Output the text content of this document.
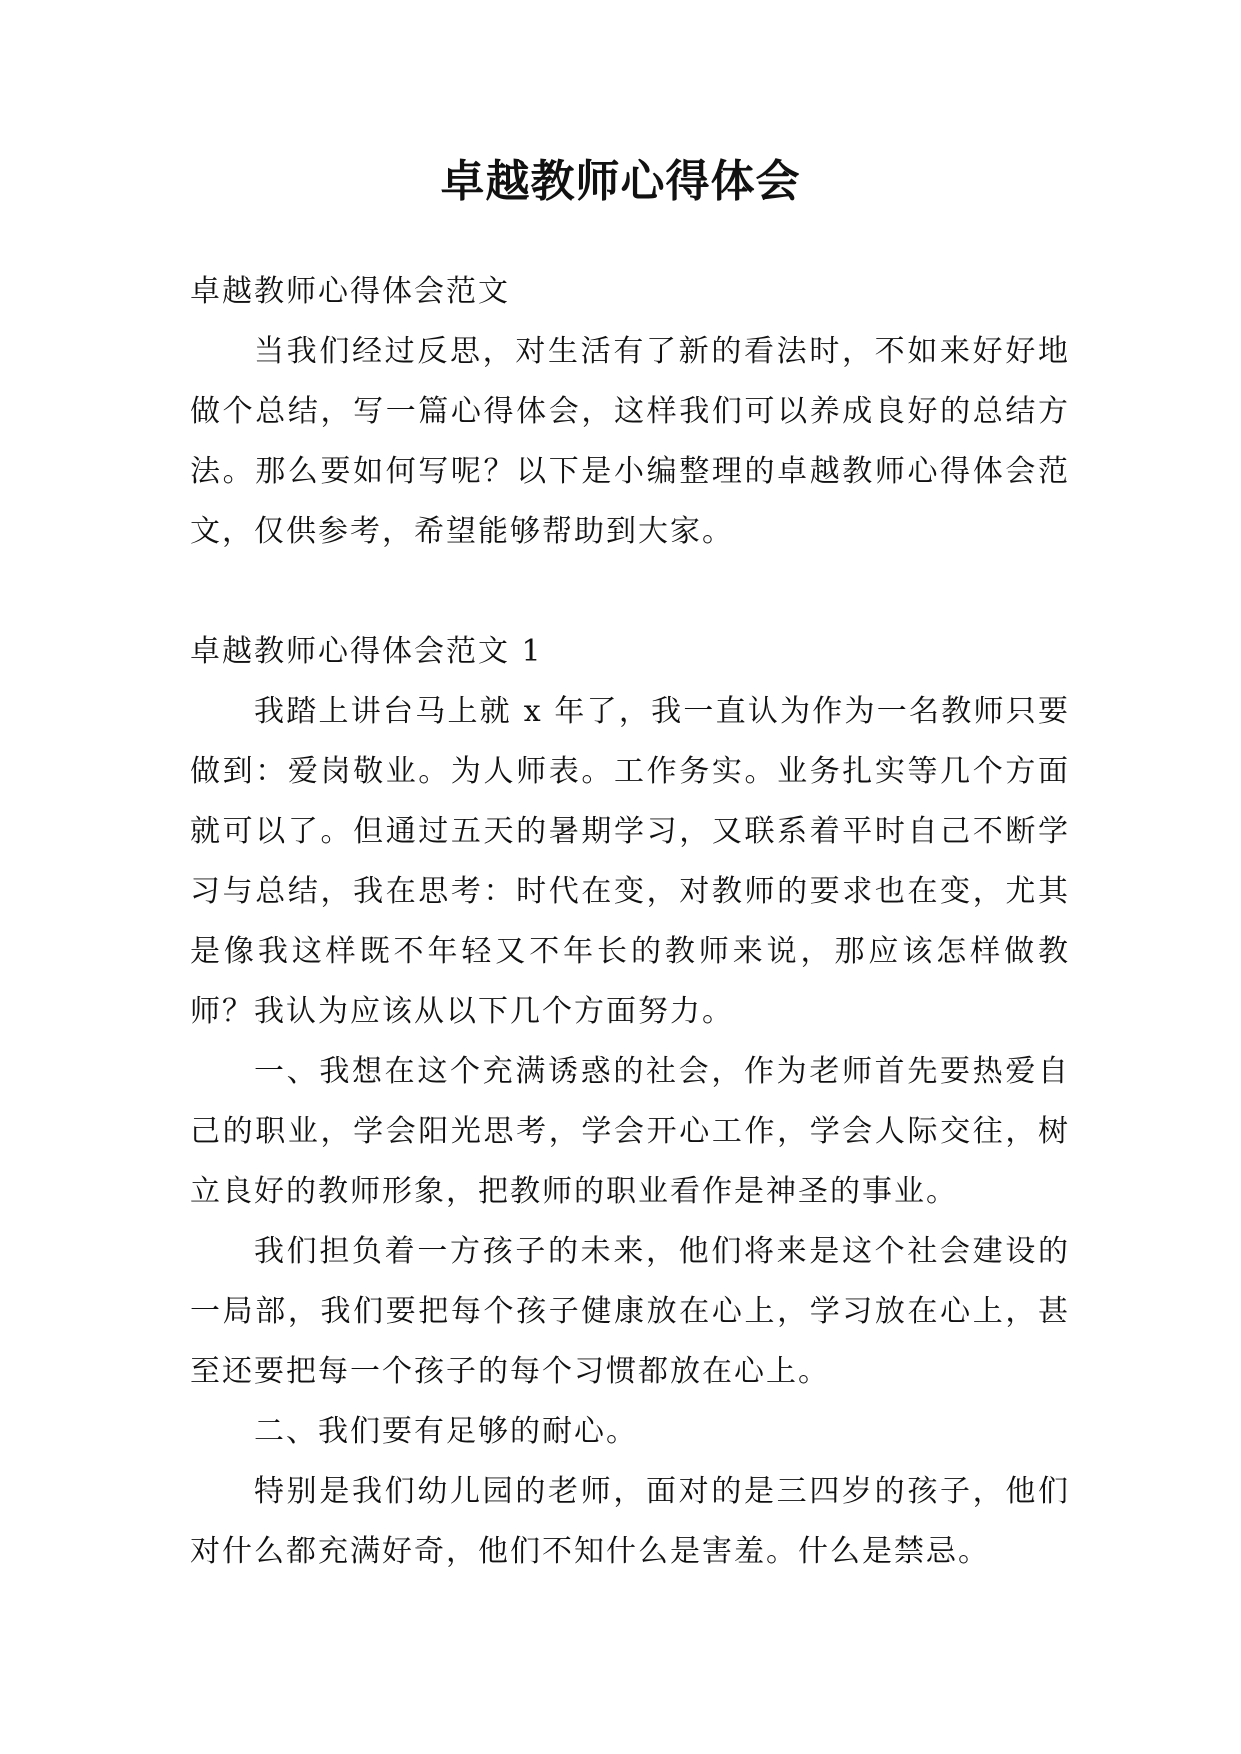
卓越教师心得体会

卓越教师心得体会范文

当我们经过反思，对生活有了新的看法时，不如来好好地做个总结，写一篇心得体会，这样我们可以养成良好的总结方法。那么要如何写呢？以下是小编整理的卓越教师心得体会范文，仅供参考，希望能够帮助到大家。

卓越教师心得体会范文 1

我踏上讲台马上就 x 年了，我一直认为作为一名教师只要做到：爱岗敬业。为人师表。工作务实。业务扎实等几个方面就可以了。但通过五天的暑期学习，又联系着平时自己不断学习与总结，我在思考：时代在变，对教师的要求也在变，尤其是像我这样既不年轻又不年长的教师来说，那应该怎样做教师？我认为应该从以下几个方面努力。

一、我想在这个充满诱惑的社会，作为老师首先要热爱自己的职业，学会阳光思考，学会开心工作，学会人际交往，树立良好的教师形象，把教师的职业看作是神圣的事业。

我们担负着一方孩子的未来，他们将来是这个社会建设的一局部，我们要把每个孩子健康放在心上，学习放在心上，甚至还要把每一个孩子的每个习惯都放在心上。

二、我们要有足够的耐心。

特别是我们幼儿园的老师，面对的是三四岁的孩子，他们对什么都充满好奇，他们不知什么是害羞。什么是禁忌。
